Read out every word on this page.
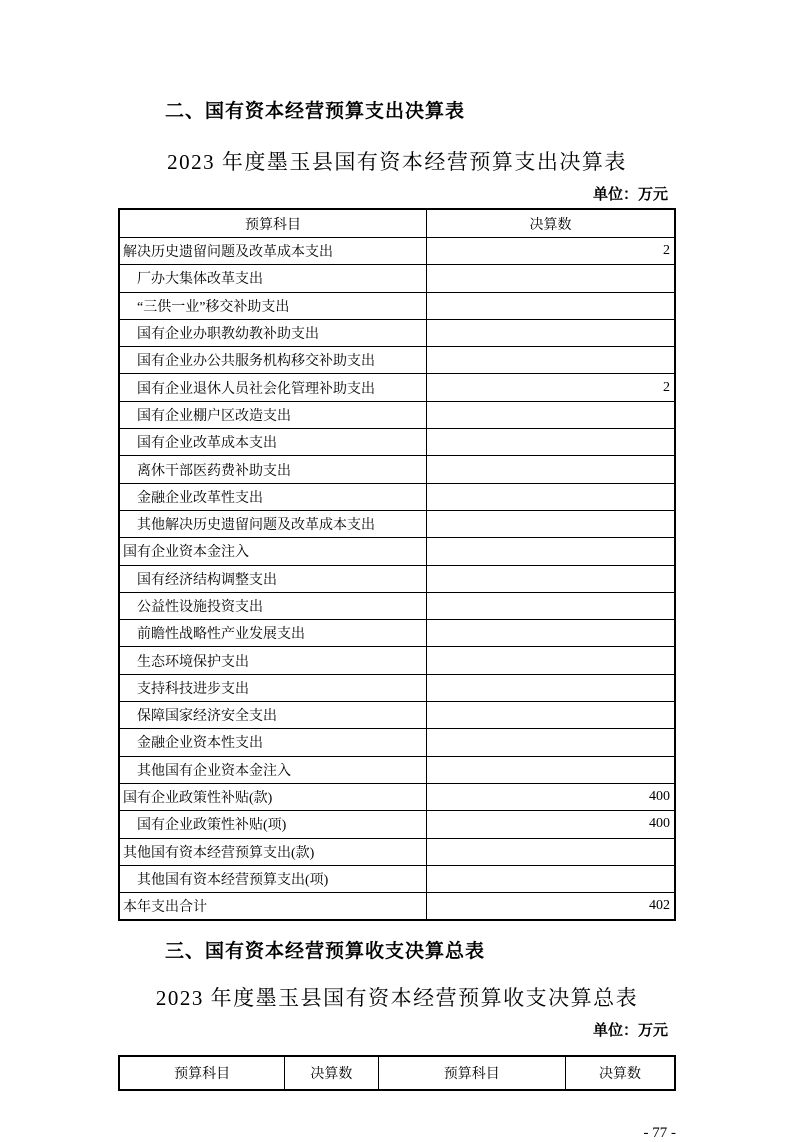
二、国有资本经营预算支出决算表
2023 年度墨玉县国有资本经营预算支出决算表
单位：万元
预算科目	决算数
解决历史遗留问题及改革成本支出	2
厂办大集体改革支出	
“三供一业”移交补助支出	
国有企业办职教幼教补助支出	
国有企业办公共服务机构移交补助支出	
国有企业退休人员社会化管理补助支出	2
国有企业棚户区改造支出	
国有企业改革成本支出	
离休干部医药费补助支出	
金融企业改革性支出	
其他解决历史遗留问题及改革成本支出	
国有企业资本金注入	
国有经济结构调整支出	
公益性设施投资支出	
前瞻性战略性产业发展支出	
生态环境保护支出	
支持科技进步支出	
保障国家经济安全支出	
金融企业资本性支出	
其他国有企业资本金注入	
国有企业政策性补贴(款)	400
国有企业政策性补贴(项)	400
其他国有资本经营预算支出(款)	
其他国有资本经营预算支出(项)	
本年支出合计	402
三、国有资本经营预算收支决算总表
2023 年度墨玉县国有资本经营预算收支决算总表
单位：万元
预算科目	决算数	预算科目	决算数
- 77 -
